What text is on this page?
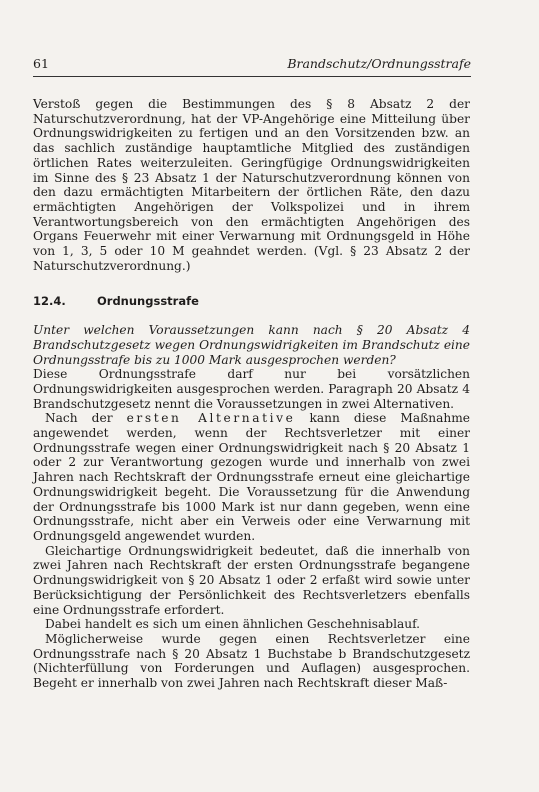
61	Brandschutz/Ordnungsstrafe

Verstoß gegen die Bestimmungen des § 8 Absatz 2 der Naturschutzverordnung, hat der VP-Angehörige eine Mitteilung über Ordnungswidrigkeiten zu fertigen und an den Vorsitzenden bzw. an das sachlich zuständige hauptamtliche Mitglied des zuständigen örtlichen Rates weiterzuleiten. Geringfügige Ordnungswidrigkeiten im Sinne des § 23 Absatz 1 der Naturschutzverordnung können von den dazu ermächtigten Mitarbeitern der örtlichen Räte, den dazu ermächtigten Angehörigen der Volkspolizei und in ihrem Verantwortungsbereich von den ermächtigten Angehörigen des Organs Feuerwehr mit einer Verwarnung mit Ordnungsgeld in Höhe von 1, 3, 5 oder 10 M geahndet werden. (Vgl. § 23 Absatz 2 der Naturschutzverordnung.)

12.4.	Ordnungsstrafe

Unter welchen Voraussetzungen kann nach § 20 Absatz 4 Brandschutzgesetz wegen Ordnungswidrigkeiten im Brandschutz eine Ordnungsstrafe bis zu 1000 Mark ausgesprochen werden?

Diese Ordnungsstrafe darf nur bei vorsätzlichen Ordnungswidrigkeiten ausgesprochen werden. Paragraph 20 Absatz 4 Brandschutzgesetz nennt die Voraussetzungen in zwei Alternativen.

Nach der ersten Alternative kann diese Maßnahme angewendet werden, wenn der Rechtsverletzer mit einer Ordnungsstrafe wegen einer Ordnungswidrigkeit nach § 20 Absatz 1 oder 2 zur Verantwortung gezogen wurde und innerhalb von zwei Jahren nach Rechtskraft der Ordnungsstrafe erneut eine gleichartige Ordnungswidrigkeit begeht. Die Voraussetzung für die Anwendung der Ordnungsstrafe bis 1000 Mark ist nur dann gegeben, wenn eine Ordnungsstrafe, nicht aber ein Verweis oder eine Verwarnung mit Ordnungsgeld angewendet wurden.

Gleichartige Ordnungswidrigkeit bedeutet, daß die innerhalb von zwei Jahren nach Rechtskraft der ersten Ordnungsstrafe begangene Ordnungswidrigkeit von § 20 Absatz 1 oder 2 erfaßt wird sowie unter Berücksichtigung der Persönlichkeit des Rechtsverletzers ebenfalls eine Ordnungsstrafe erfordert.

Dabei handelt es sich um einen ähnlichen Geschehnisablauf.

Möglicherweise wurde gegen einen Rechtsverletzer eine Ordnungsstrafe nach § 20 Absatz 1 Buchstabe b Brandschutzgesetz (Nichterfüllung von Forderungen und Auflagen) ausgesprochen. Begeht er innerhalb von zwei Jahren nach Rechtskraft dieser Maß-
